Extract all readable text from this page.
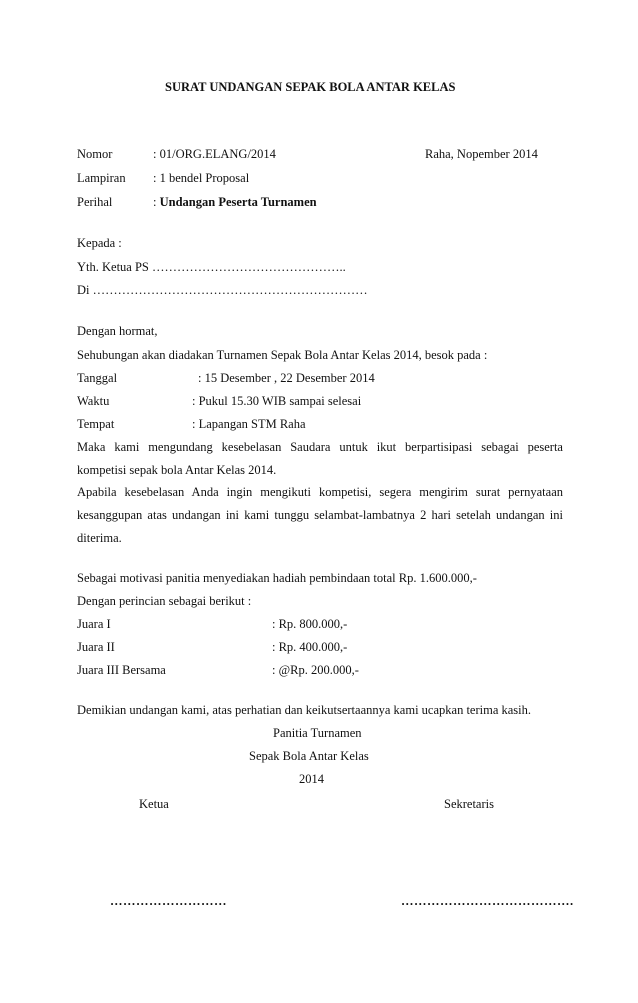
SURAT UNDANGAN SEPAK BOLA ANTAR KELAS
Nomor	: 01/ORG.ELANG/2014	Raha, Nopember 2014
Lampiran : 1 bendel Proposal
Perihal	: Undangan Peserta Turnamen
Kepada :
Yth. Ketua PS ………………………………………..
Di …………………………………………………………
Dengan hormat,
Sehubungan akan diadakan Turnamen Sepak Bola Antar Kelas 2014, besok pada :
Tanggal	: 15 Desember , 22 Desember 2014
Waktu	: Pukul 15.30 WIB sampai selesai
Tempat	: Lapangan STM Raha
Maka kami mengundang kesebelasan Saudara untuk ikut berpartisipasi sebagai peserta
kompetisi sepak bola Antar Kelas 2014.
Apabila kesebelasan Anda ingin mengikuti kompetisi, segera mengirim surat pernyataan
kesanggupan atas undangan ini kami tunggu selambat-lambatnya 2 hari setelah undangan ini
diterima.
Sebagai motivasi panitia menyediakan hadiah pembindaan total Rp. 1.600.000,-
Dengan perincian sebagai berikut :
Juara I	: Rp. 800.000,-
Juara II	: Rp. 400.000,-
Juara III Bersama	: @Rp. 200.000,-
Demikian undangan kami, atas perhatian dan keikutsertaannya kami ucapkan terima kasih.
Panitia Turnamen
Sepak Bola Antar Kelas
2014
Ketua	Sekretaris
………………………	………………………………….
